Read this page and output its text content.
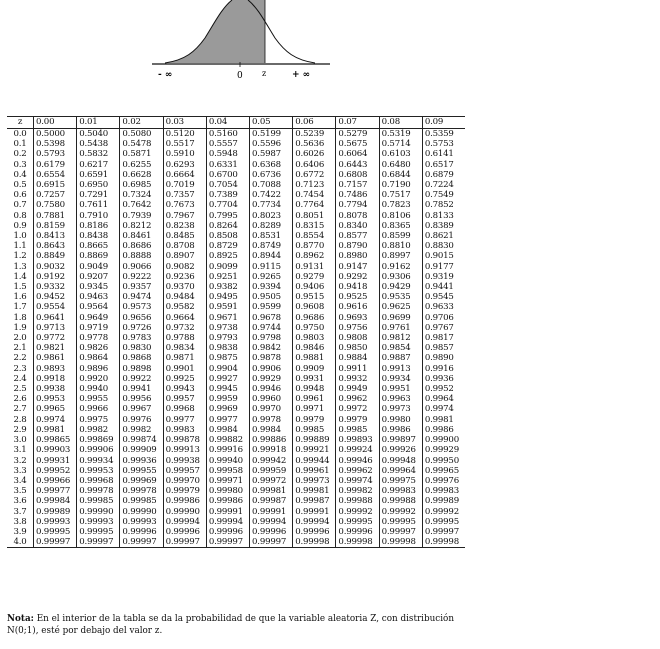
- ∞	0 z	+ ∞
z	0.00	0.01	0.02	0.03	0.04	0.05	0.06	0.07	0.08	0.09
0.0	0.5000	0.5040	0.5080	0.5120	0.5160	0.5199	0.5239	0.5279	0.5319	0.5359
0.1	0.5398	0.5438	0.5478	0.5517	0.5557	0.5596	0.5636	0.5675	0.5714	0.5753
0.2	0.5793	0.5832	0.5871	0.5910	0.5948	0.5987	0.6026	0.6064	0.6103	0.6141
0.3	0.6179	0.6217	0.6255	0.6293	0.6331	0.6368	0.6406	0.6443	0.6480	0.6517
0.4	0.6554	0.6591	0.6628	0.6664	0.6700	0.6736	0.6772	0.6808	0.6844	0.6879
0.5	0.6915	0.6950	0.6985	0.7019	0.7054	0.7088	0.7123	0.7157	0.7190	0.7224
0.6	0.7257	0.7291	0.7324	0.7357	0.7389	0.7422	0.7454	0.7486	0.7517	0.7549
0.7	0.7580	0.7611	0.7642	0.7673	0.7704	0.7734	0.7764	0.7794	0.7823	0.7852
0.8	0.7881	0.7910	0.7939	0.7967	0.7995	0.8023	0.8051	0.8078	0.8106	0.8133
0.9	0.8159	0.8186	0.8212	0.8238	0.8264	0.8289	0.8315	0.8340	0.8365	0.8389
1.0	0.8413	0.8438	0.8461	0.8485	0.8508	0.8531	0.8554	0.8577	0.8599	0.8621
1.1	0.8643	0.8665	0.8686	0.8708	0.8729	0.8749	0.8770	0.8790	0.8810	0.8830
1.2	0.8849	0.8869	0.8888	0.8907	0.8925	0.8944	0.8962	0.8980	0.8997	0.9015
1.3	0.9032	0.9049	0.9066	0.9082	0.9099	0.9115	0.9131	0.9147	0.9162	0.9177
1.4	0.9192	0.9207	0.9222	0.9236	0.9251	0.9265	0.9279	0.9292	0.9306	0.9319
1.5	0.9332	0.9345	0.9357	0.9370	0.9382	0.9394	0.9406	0.9418	0.9429	0.9441
1.6	0.9452	0.9463	0.9474	0.9484	0.9495	0.9505	0.9515	0.9525	0.9535	0.9545
1.7	0.9554	0.9564	0.9573	0.9582	0.9591	0.9599	0.9608	0.9616	0.9625	0.9633
1.8	0.9641	0.9649	0.9656	0.9664	0.9671	0.9678	0.9686	0.9693	0.9699	0.9706
1.9	0.9713	0.9719	0.9726	0.9732	0.9738	0.9744	0.9750	0.9756	0.9761	0.9767
2.0	0.9772	0.9778	0.9783	0.9788	0.9793	0.9798	0.9803	0.9808	0.9812	0.9817
2.1	0.9821	0.9826	0.9830	0.9834	0.9838	0.9842	0.9846	0.9850	0.9854	0.9857
2.2	0.9861	0.9864	0.9868	0.9871	0.9875	0.9878	0.9881	0.9884	0.9887	0.9890
2.3	0.9893	0.9896	0.9898	0.9901	0.9904	0.9906	0.9909	0.9911	0.9913	0.9916
2.4	0.9918	0.9920	0.9922	0.9925	0.9927	0.9929	0.9931	0.9932	0.9934	0.9936
2.5	0.9938	0.9940	0.9941	0.9943	0.9945	0.9946	0.9948	0.9949	0.9951	0.9952
2.6	0.9953	0.9955	0.9956	0.9957	0.9959	0.9960	0.9961	0.9962	0.9963	0.9964
2.7	0.9965	0.9966	0.9967	0.9968	0.9969	0.9970	0.9971	0.9972	0.9973	0.9974
2.8	0.9974	0.9975	0.9976	0.9977	0.9977	0.9978	0.9979	0.9979	0.9980	0.9981
2.9	0.9981	0.9982	0.9982	0.9983	0.9984	0.9984	0.9985	0.9985	0.9986	0.9986
3.0	0.99865	0.99869	0.99874	0.99878	0.99882	0.99886	0.99889	0.99893	0.99897	0.99900
3.1	0.99903	0.99906	0.99909	0.99913	0.99916	0.99918	0.99921	0.99924	0.99926	0.99929
3.2	0.99931	0.99934	0.99936	0.99938	0.99940	0.99942	0.99944	0.99946	0.99948	0.99950
3.3	0.99952	0.99953	0.99955	0.99957	0.99958	0.99959	0.99961	0.99962	0.99964	0.99965
3.4	0.99966	0.99968	0.99969	0.99970	0.99971	0.99972	0.99973	0.99974	0.99975	0.99976
3.5	0.99977	0.99978	0.99978	0.99979	0.99980	0.99981	0.99981	0.99982	0.99983	0.99983
3.6	0.99984	0.99985	0.99985	0.99986	0.99986	0.99987	0.99987	0.99988	0.99988	0.99989
3.7	0.99989	0.99990	0.99990	0.99990	0.99991	0.99991	0.99991	0.99992	0.99992	0.99992
3.8	0.99993	0.99993	0.99993	0.99994	0.99994	0.99994	0.99994	0.99995	0.99995	0.99995
3.9	0.99995	0.99995	0.99996	0.99996	0.99996	0.99996	0.99996	0.99996	0.99997	0.99997
4.0	0.99997	0.99997	0.99997	0.99997	0.99997	0.99997	0.99998	0.99998	0.99998	0.99998
Nota: En el interior de la tabla se da la probabilidad de que la variable aleatoria Z, con distribución N(0;1), esté por debajo del valor z.
